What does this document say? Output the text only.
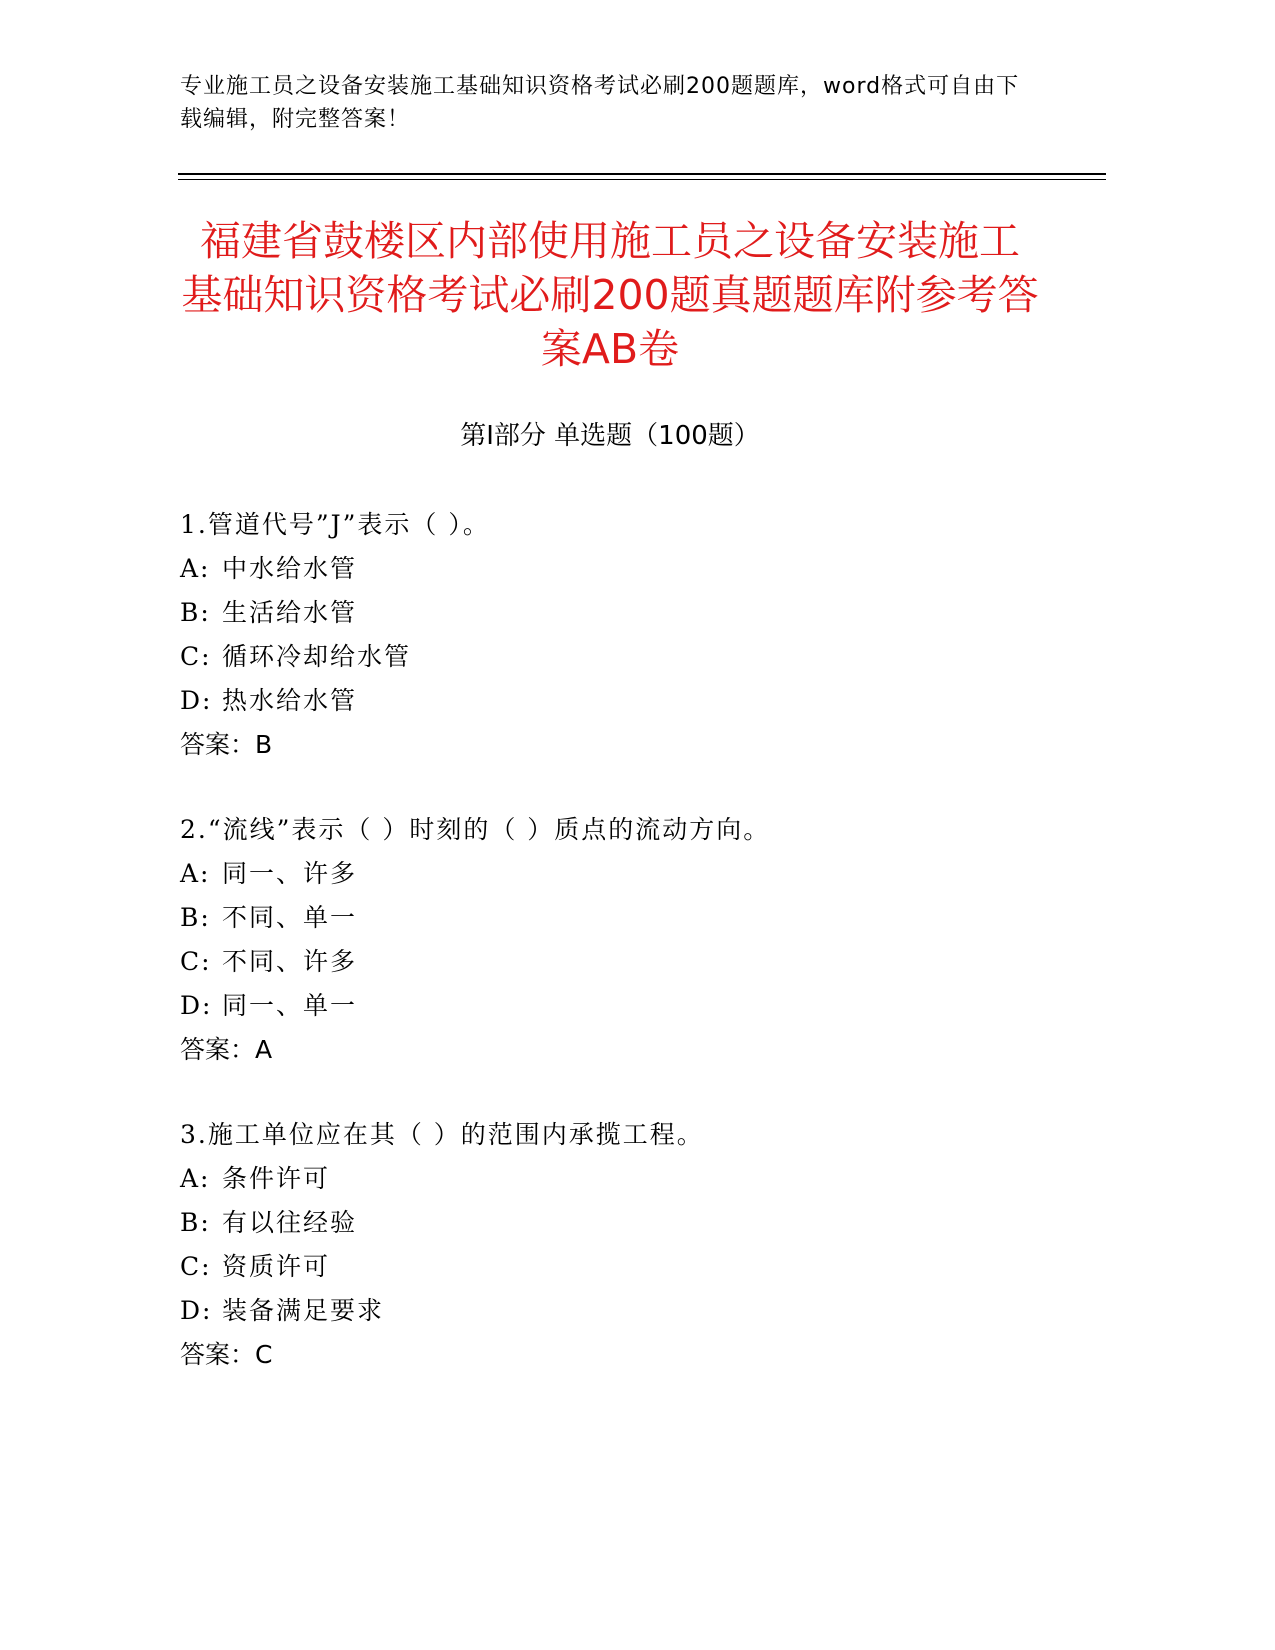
专业施工员之设备安装施工基础知识资格考试必刷200题题库，word格式可自由下载编辑，附完整答案！
福建省鼓楼区内部使用施工员之设备安装施工基础知识资格考试必刷200题真题题库附参考答案AB卷
第I部分 单选题（100题）
1.管道代号”J”表示（ ）。
A: 中水给水管
B: 生活给水管
C: 循环冷却给水管
D: 热水给水管
答案：B
2.“流线”表示（ ）时刻的（ ）质点的流动方向。
A: 同一、许多
B: 不同、单一
C: 不同、许多
D: 同一、单一
答案：A
3.施工单位应在其（ ）的范围内承揽工程。
A: 条件许可
B: 有以往经验
C: 资质许可
D: 装备满足要求
答案：C
